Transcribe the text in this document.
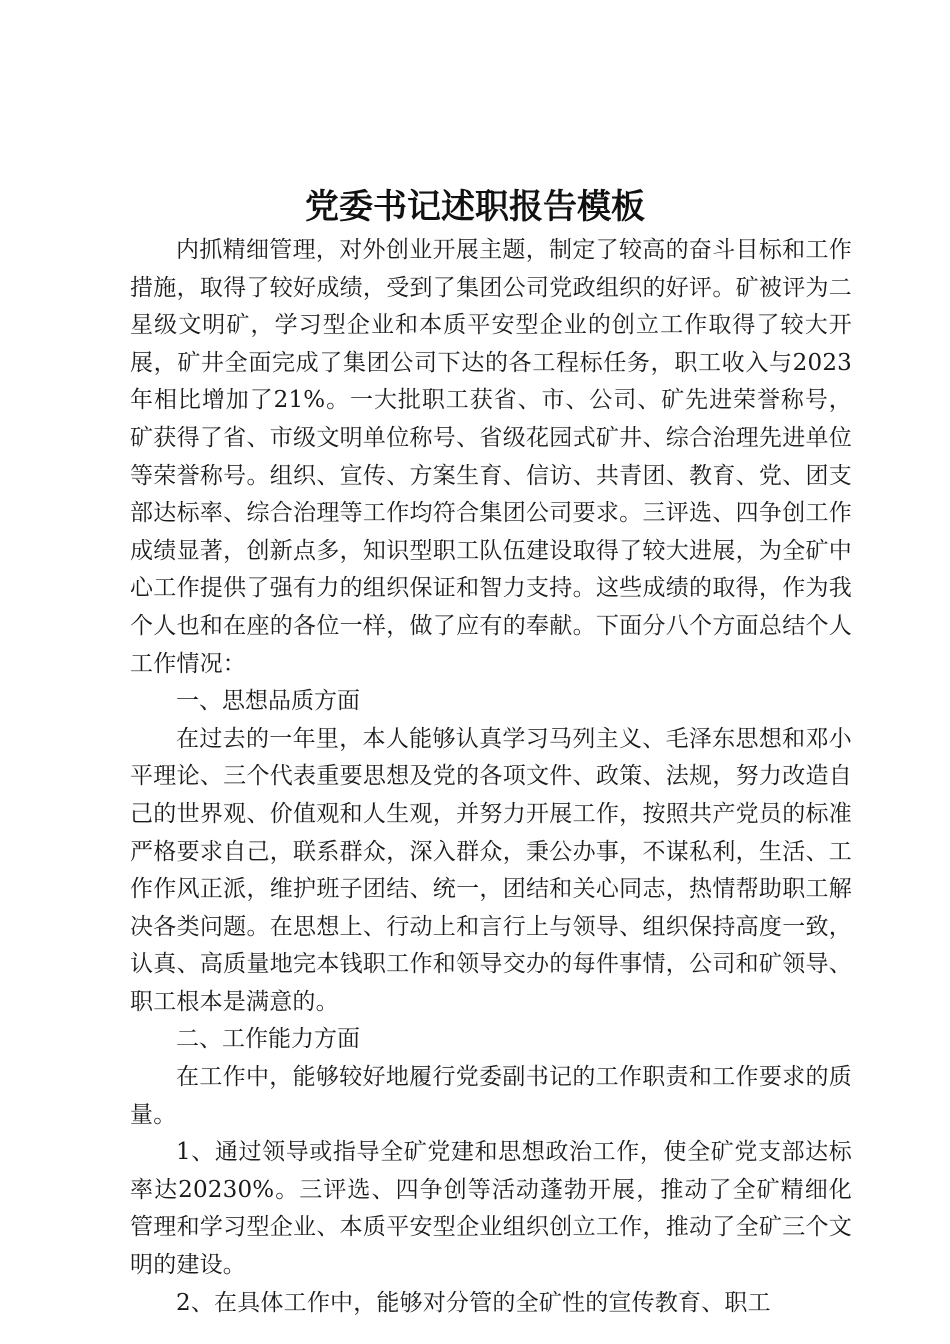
党委书记述职报告模板

内抓精细管理，对外创业开展主题，制定了较高的奋斗目标和工作措施，取得了较好成绩，受到了集团公司党政组织的好评。矿被评为二星级文明矿，学习型企业和本质平安型企业的创立工作取得了较大开展，矿井全面完成了集团公司下达的各工程标任务，职工收入与2023年相比增加了21%。一大批职工获省、市、公司、矿先进荣誉称号，矿获得了省、市级文明单位称号、省级花园式矿井、综合治理先进单位等荣誉称号。组织、宣传、方案生育、信访、共青团、教育、党、团支部达标率、综合治理等工作均符合集团公司要求。三评选、四争创工作成绩显著，创新点多，知识型职工队伍建设取得了较大进展，为全矿中心工作提供了强有力的组织保证和智力支持。这些成绩的取得，作为我个人也和在座的各位一样，做了应有的奉献。下面分八个方面总结个人工作情况：

一、思想品质方面

在过去的一年里，本人能够认真学习马列主义、毛泽东思想和邓小平理论、三个代表重要思想及党的各项文件、政策、法规，努力改造自己的世界观、价值观和人生观，并努力开展工作，按照共产党员的标准严格要求自己，联系群众，深入群众，秉公办事，不谋私利，生活、工作作风正派，维护班子团结、统一，团结和关心同志，热情帮助职工解决各类问题。在思想上、行动上和言行上与领导、组织保持高度一致，认真、高质量地完本钱职工作和领导交办的每件事情，公司和矿领导、职工根本是满意的。

二、工作能力方面

在工作中，能够较好地履行党委副书记的工作职责和工作要求的质量。

1、通过领导或指导全矿党建和思想政治工作，使全矿党支部达标率达20230%。三评选、四争创等活动蓬勃开展，推动了全矿精细化管理和学习型企业、本质平安型企业组织创立工作，推动了全矿三个文明的建设。

2、在具体工作中，能够对分管的全矿性的宣传教育、职工
